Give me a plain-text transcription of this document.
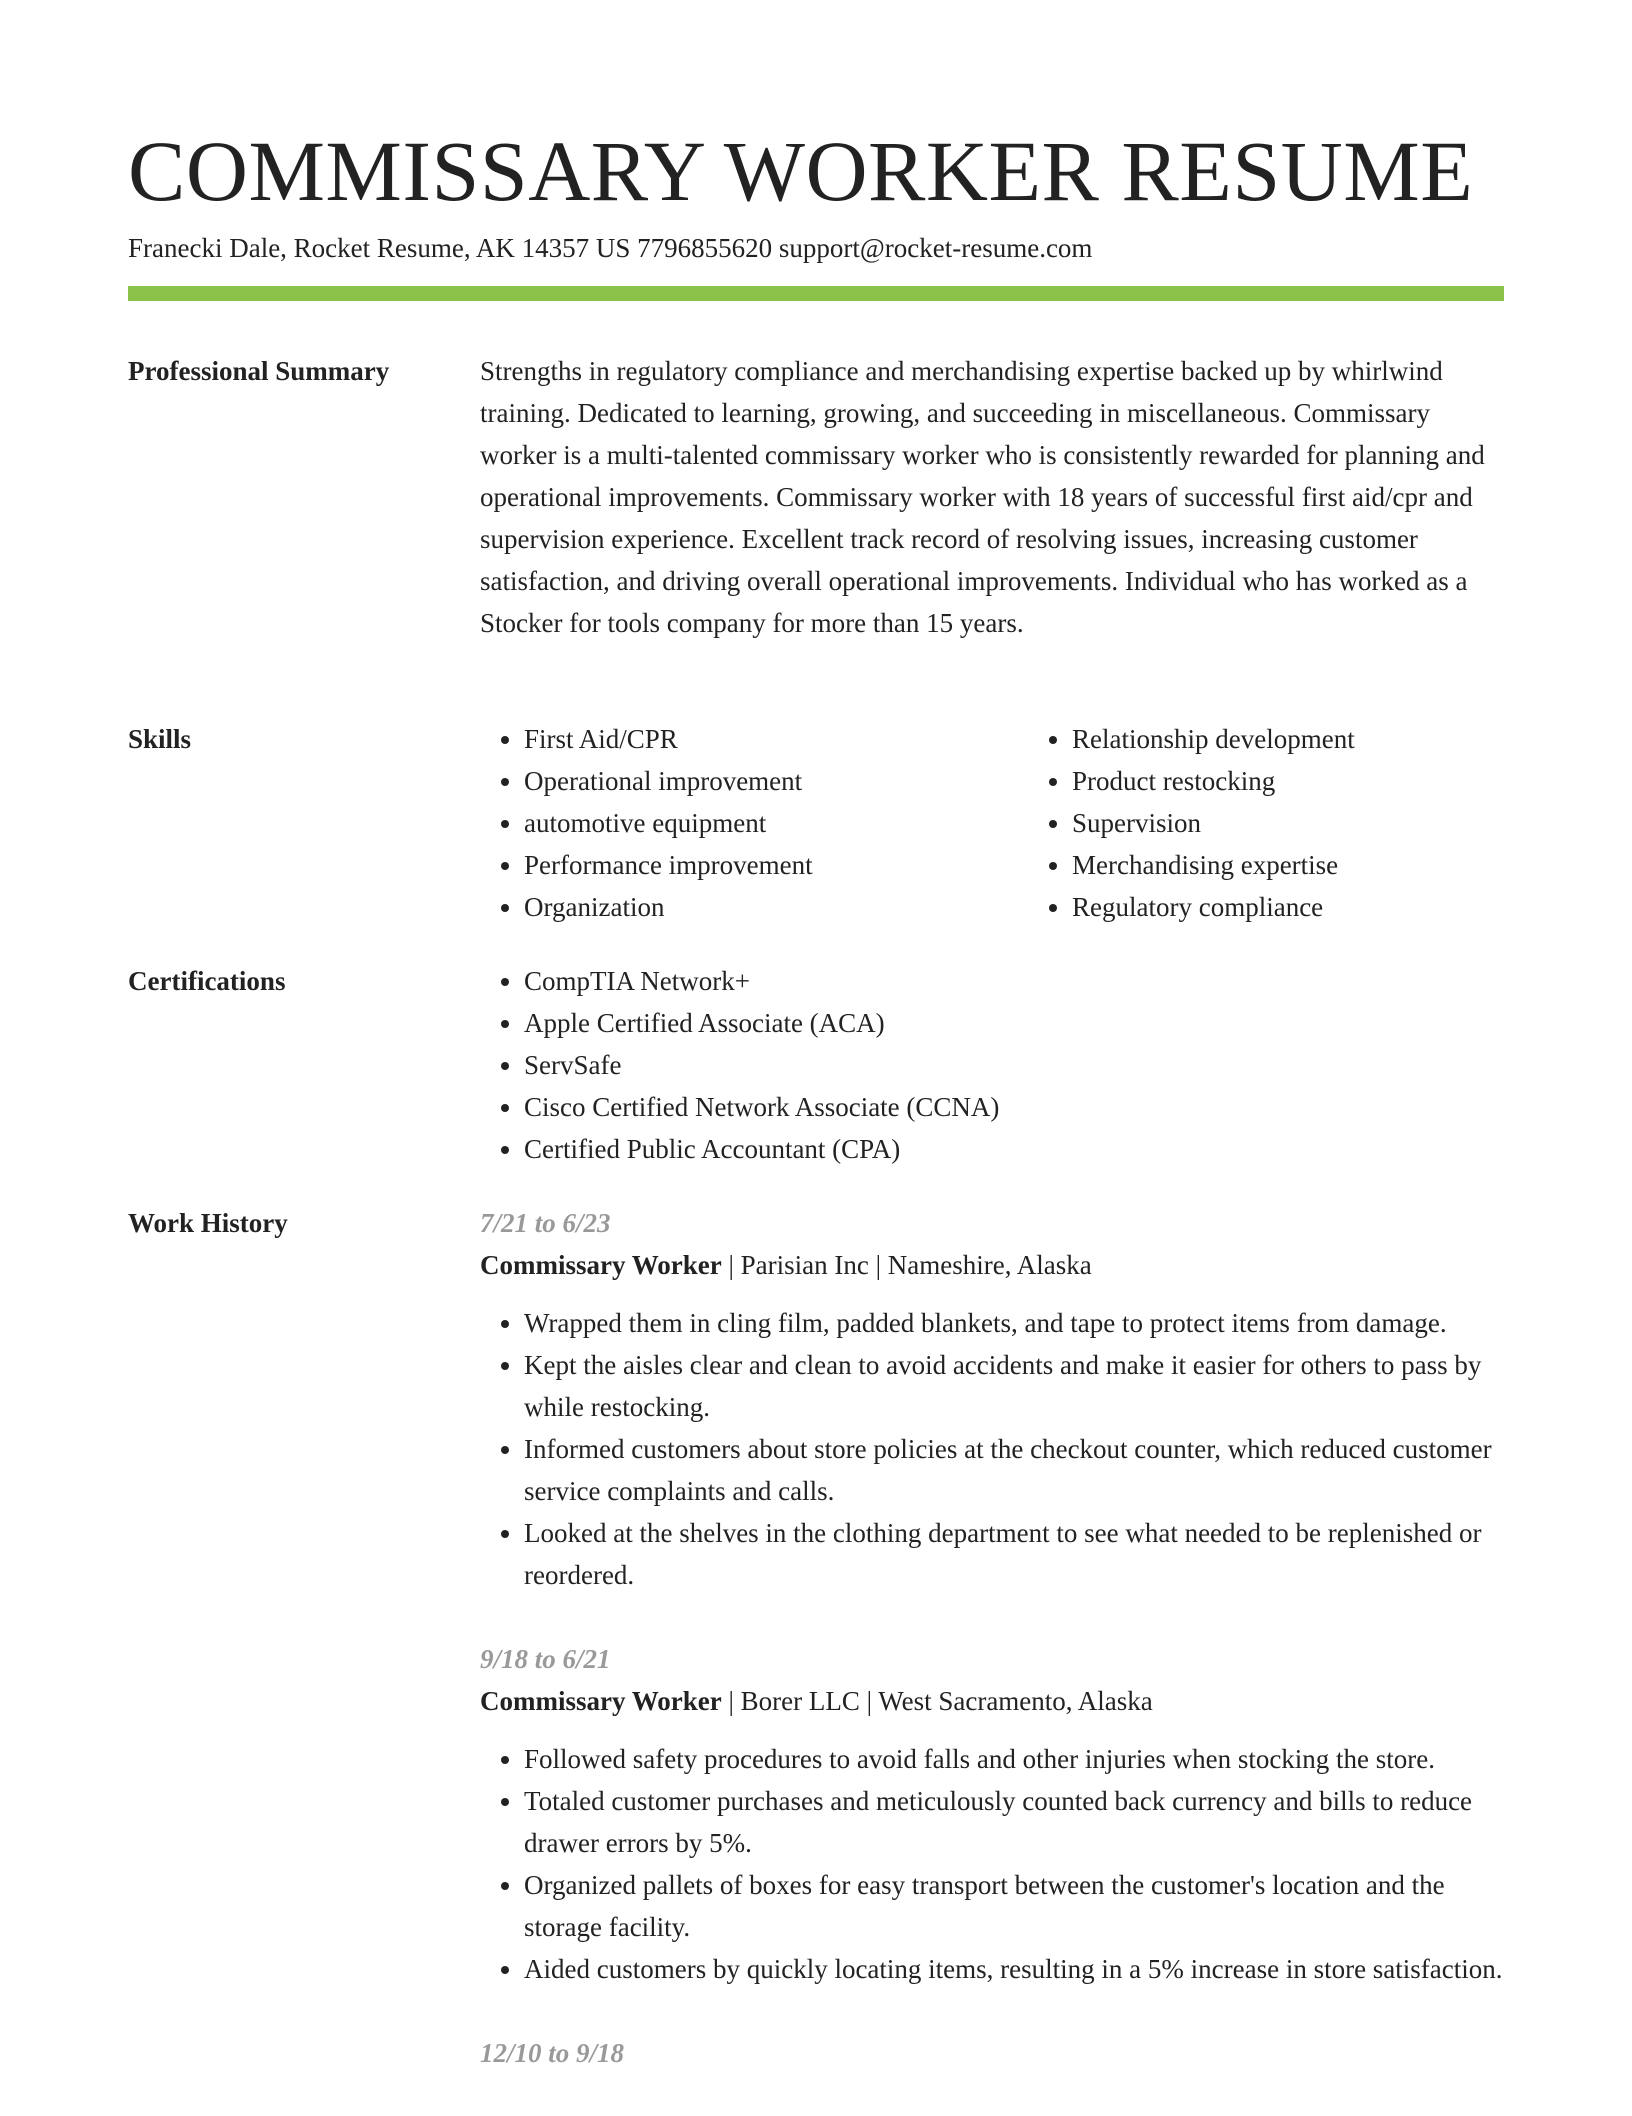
COMMISSARY WORKER RESUME
Franecki Dale, Rocket Resume, AK 14357 US 7796855620 support@rocket-resume.com
Professional Summary	Strengths in regulatory compliance and merchandising expertise backed up by whirlwind training. Dedicated to learning, growing, and succeeding in miscellaneous. Commissary worker is a multi-talented commissary worker who is consistently rewarded for planning and operational improvements. Commissary worker with 18 years of successful first aid/cpr and supervision experience. Excellent track record of resolving issues, increasing customer satisfaction, and driving overall operational improvements. Individual who has worked as a Stocker for tools company for more than 15 years.

Skills	• First Aid/CPR
• Operational improvement
• automotive equipment
• Performance improvement
• Organization
• Relationship development
• Product restocking
• Supervision
• Merchandising expertise
• Regulatory compliance
Certifications	• CompTIA Network+
• Apple Certified Associate (ACA)
• ServSafe
• Cisco Certified Network Associate (CCNA)
• Certified Public Accountant (CPA)
Work History	7/21 to 6/23
Commissary Worker | Parisian Inc | Nameshire, Alaska
• Wrapped them in cling film, padded blankets, and tape to protect items from damage.
• Kept the aisles clear and clean to avoid accidents and make it easier for others to pass by while restocking.
• Informed customers about store policies at the checkout counter, which reduced customer service complaints and calls.
• Looked at the shelves in the clothing department to see what needed to be replenished or reordered.
9/18 to 6/21
Commissary Worker | Borer LLC | West Sacramento, Alaska
• Followed safety procedures to avoid falls and other injuries when stocking the store.
• Totaled customer purchases and meticulously counted back currency and bills to reduce drawer errors by 5%.
• Organized pallets of boxes for easy transport between the customer's location and the storage facility.
• Aided customers by quickly locating items, resulting in a 5% increase in store satisfaction.
12/10 to 9/18
